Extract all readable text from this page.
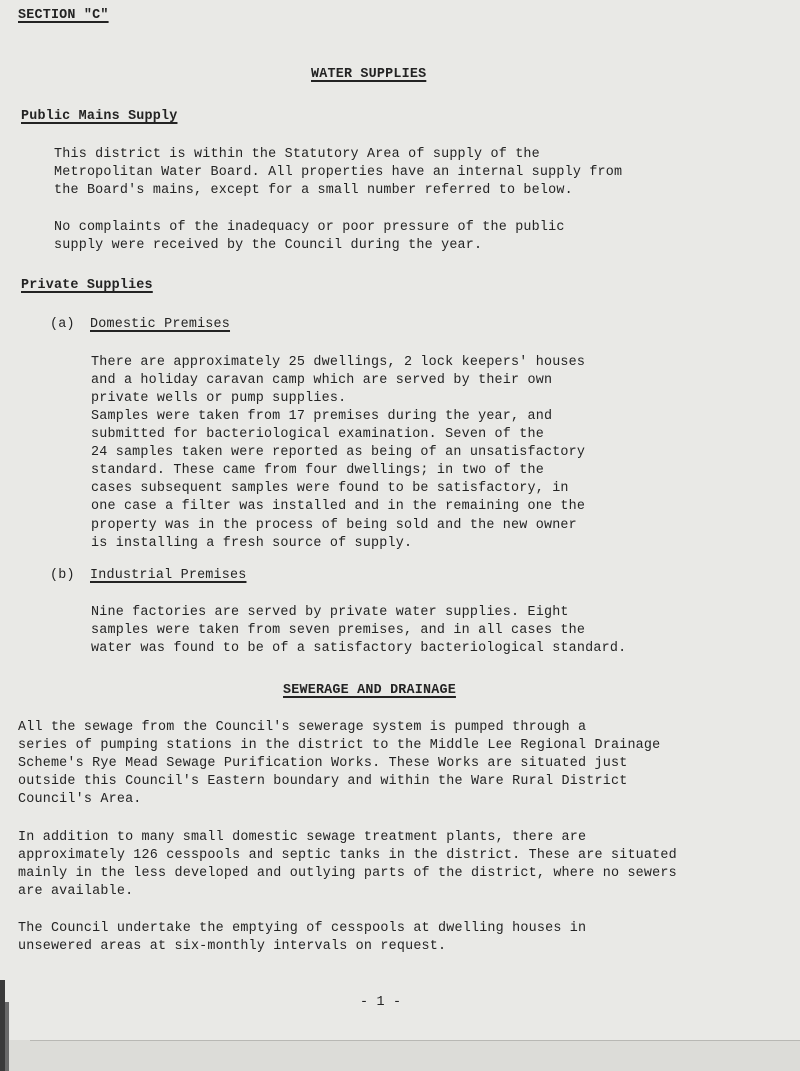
SECTION "C"
WATER SUPPLIES
Public Mains Supply
This district is within the Statutory Area of supply of the
Metropolitan Water Board. All properties have an internal supply from
the Board's mains, except for a small number referred to below.
No complaints of the inadequacy or poor pressure of the public
supply were received by the Council during the year.
Private Supplies
(a) Domestic Premises
There are approximately 25 dwellings, 2 lock keepers' houses
and a holiday caravan camp which are served by their own
private wells or pump supplies.
Samples were taken from 17 premises during the year, and
submitted for bacteriological examination. Seven of the
24 samples taken were reported as being of an unsatisfactory
standard. These came from four dwellings; in two of the
cases subsequent samples were found to be satisfactory, in
one case a filter was installed and in the remaining one the
property was in the process of being sold and the new owner
is installing a fresh source of supply.
(b) Industrial Premises
Nine factories are served by private water supplies. Eight
samples were taken from seven premises, and in all cases the
water was found to be of a satisfactory bacteriological standard.
SEWERAGE AND DRAINAGE
All the sewage from the Council's sewerage system is pumped through a
series of pumping stations in the district to the Middle Lee Regional Drainage
Scheme's Rye Mead Sewage Purification Works. These Works are situated just
outside this Council's Eastern boundary and within the Ware Rural District
Council's Area.
In addition to many small domestic sewage treatment plants, there are
approximately 126 cesspools and septic tanks in the district. These are situated
mainly in the less developed and outlying parts of the district, where no sewers
are available.
The Council undertake the emptying of cesspools at dwelling houses in
unsewered areas at six-monthly intervals on request.
- 1 -
